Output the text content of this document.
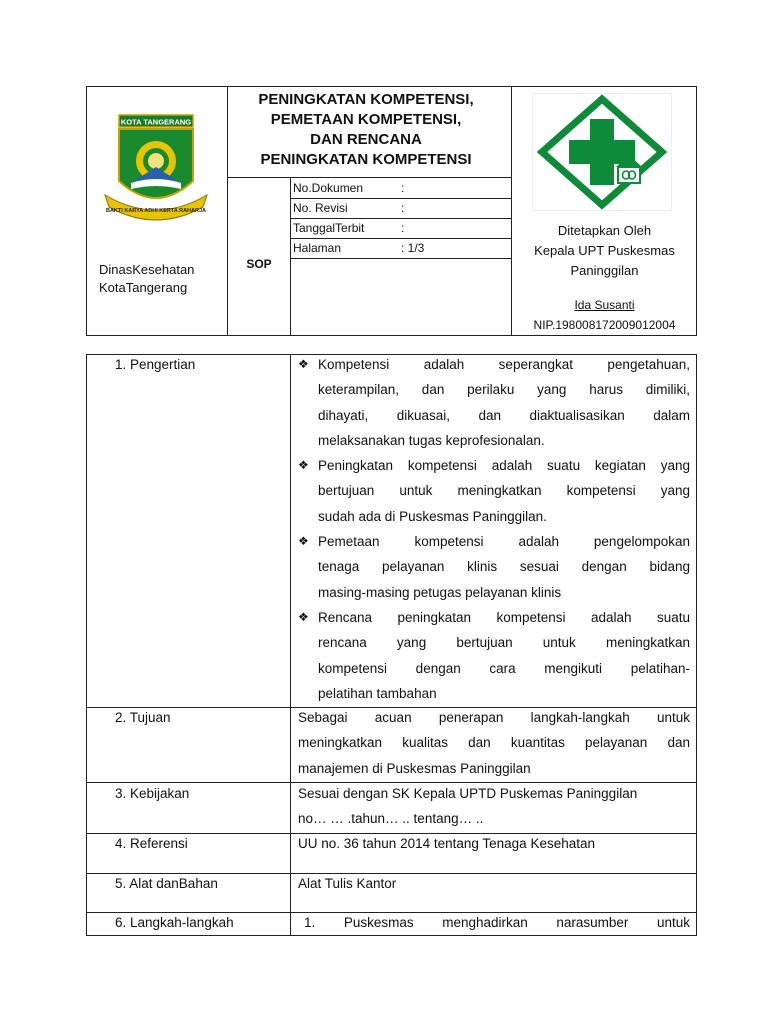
KOTA TANGERANG
BAKTI KARYA ADHI KERTA RAHARJA
DinasKesehatan
KotaTangerang
PENINGKATAN KOMPETENSI,
PEMETAAN KOMPETENSI,
DAN RENCANA
PENINGKATAN KOMPETENSI
SOP
No.Dokumen	:
No. Revisi	:
TanggalTerbit	:
Halaman	: 1/3
Ditetapkan Oleh
Kepala UPT Puskesmas
Paninggilan
Ida Susanti
NIP.198008172009012004
1. Pengertian	❖ Kompetensi adalah seperangkat pengetahuan,
keterampilan, dan perilaku yang harus dimiliki,
dihayati, dikuasai, dan diaktualisasikan dalam
melaksanakan tugas keprofesionalan.
❖ Peningkatan kompetensi adalah suatu kegiatan yang
bertujuan untuk meningkatkan kompetensi yang
sudah ada di Puskesmas Paninggilan.
❖ Pemetaan kompetensi adalah pengelompokan
tenaga pelayanan klinis sesuai dengan bidang
masing-masing petugas pelayanan klinis
❖ Rencana peningkatan kompetensi adalah suatu
rencana yang bertujuan untuk meningkatkan
kompetensi dengan cara mengikuti pelatihan-
pelatihan tambahan
2. Tujuan	Sebagai acuan penerapan langkah-langkah untuk
meningkatkan kualitas dan kuantitas pelayanan dan
manajemen di Puskesmas Paninggilan
3. Kebijakan	Sesuai dengan SK Kepala UPTD Puskemas Paninggilan
no… … .tahun… .. tentang… ..
4. Referensi	UU no. 36 tahun 2014 tentang Tenaga Kesehatan
5. Alat danBahan	Alat Tulis Kantor
6. Langkah-langkah	1. Puskesmas menghadirkan narasumber untuk
